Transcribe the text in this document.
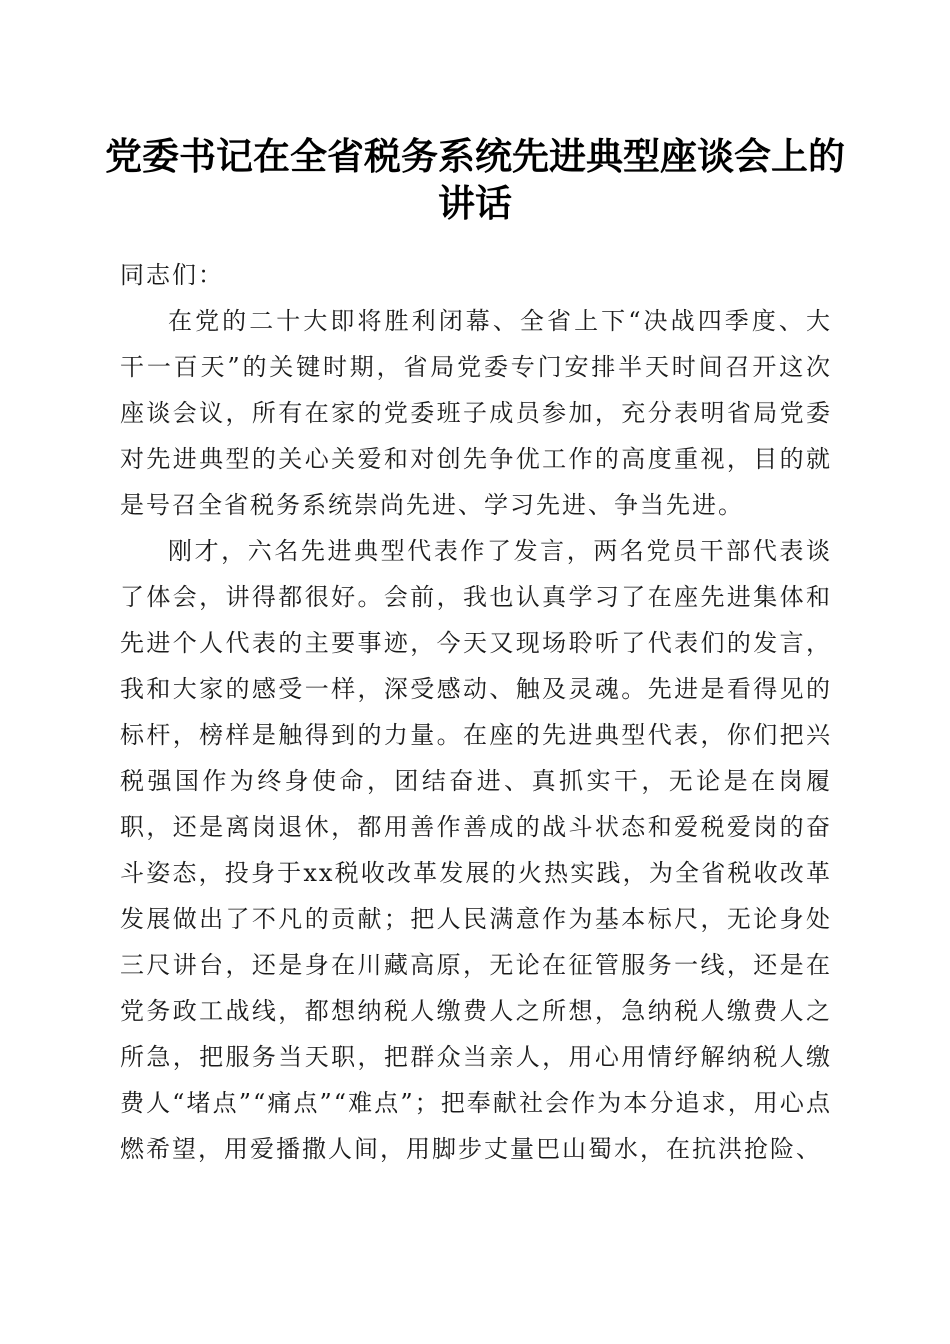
党委书记在全省税务系统先进典型座谈会上的讲话

同志们：

在党的二十大即将胜利闭幕、全省上下“决战四季度、大干一百天”的关键时期，省局党委专门安排半天时间召开这次座谈会议，所有在家的党委班子成员参加，充分表明省局党委对先进典型的关心关爱和对创先争优工作的高度重视，目的就是号召全省税务系统崇尚先进、学习先进、争当先进。

刚才，六名先进典型代表作了发言，两名党员干部代表谈了体会，讲得都很好。会前，我也认真学习了在座先进集体和先进个人代表的主要事迹，今天又现场聆听了代表们的发言，我和大家的感受一样，深受感动、触及灵魂。先进是看得见的标杆，榜样是触得到的力量。在座的先进典型代表，你们把兴税强国作为终身使命，团结奋进、真抓实干，无论是在岗履职，还是离岗退休，都用善作善成的战斗状态和爱税爱岗的奋斗姿态，投身于xx税收改革发展的火热实践，为全省税收改革发展做出了不凡的贡献；把人民满意作为基本标尺，无论身处三尺讲台，还是身在川藏高原，无论在征管服务一线，还是在党务政工战线，都想纳税人缴费人之所想，急纳税人缴费人之所急，把服务当天职，把群众当亲人，用心用情纾解纳税人缴费人“堵点”“痛点”“难点”；把奉献社会作为本分追求，用心点燃希望，用爱播撒人间，用脚步丈量巴山蜀水，在抗洪抢险、
